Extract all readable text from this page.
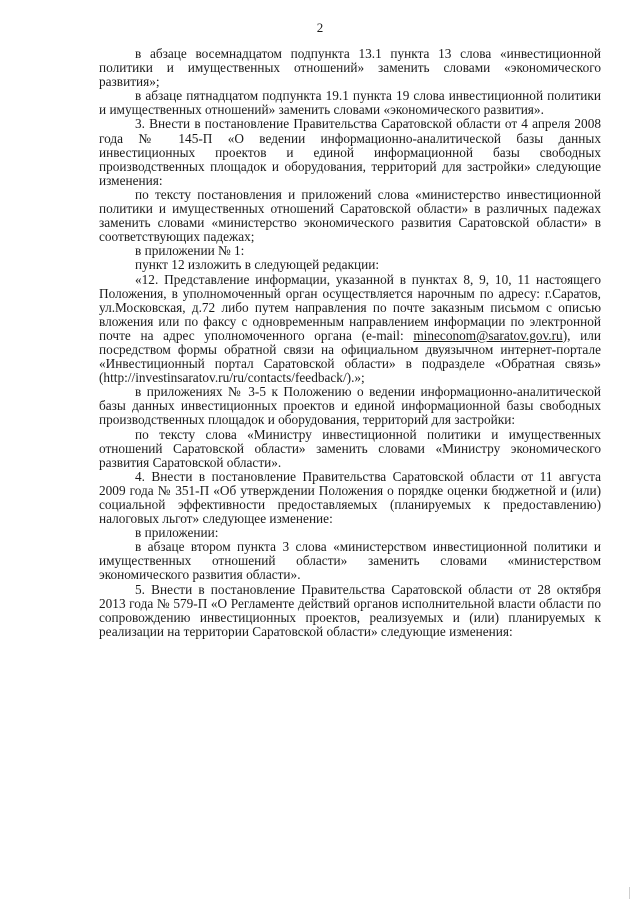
2

в абзаце восемнадцатом подпункта 13.1 пункта 13 слова «инвестиционной политики и имущественных отношений» заменить словами «экономического развития»;

в абзаце пятнадцатом подпункта 19.1 пункта 19 слова инвестиционной политики и имущественных отношений» заменить словами «экономического развития».

3. Внести в постановление Правительства Саратовской области от 4 апреля 2008 года № 145-П «О ведении информационно-аналитической базы данных инвестиционных проектов и единой информационной базы свободных производственных площадок и оборудования, территорий для застройки» следующие изменения:

по тексту постановления и приложений слова «министерство инвестиционной политики и имущественных отношений Саратовской области» в различных падежах заменить словами «министерство экономического развития Саратовской области» в соответствующих падежах;

в приложении № 1:

пункт 12 изложить в следующей редакции:

«12. Представление информации, указанной в пунктах 8, 9, 10, 11 настоящего Положения, в уполномоченный орган осуществляется нарочным по адресу: г.Саратов, ул.Московская, д.72 либо путем направления по почте заказным письмом с описью вложения или по факсу с одновременным направлением информации по электронной почте на адрес уполномоченного органа (e-mail: mineconom@saratov.gov.ru), или посредством формы обратной связи на официальном двуязычном интернет-портале «Инвестиционный портал Саратовской области» в подразделе «Обратная связь» (http://investinsaratov.ru/ru/contacts/feedback/).»;

в приложениях № 3-5 к Положению о ведении информационно-аналитической базы данных инвестиционных проектов и единой информационной базы свободных производственных площадок и оборудования, территорий для застройки:

по тексту слова «Министру инвестиционной политики и имущественных отношений Саратовской области» заменить словами «Министру экономического развития Саратовской области».

4. Внести в постановление Правительства Саратовской области от 11 августа 2009 года № 351-П «Об утверждении Положения о порядке оценки бюджетной и (или) социальной эффективности предоставляемых (планируемых к предоставлению) налоговых льгот» следующее изменение:

в приложении:

в абзаце втором пункта 3 слова «министерством инвестиционной политики и имущественных отношений области» заменить словами «министерством экономического развития области».

5. Внести в постановление Правительства Саратовской области от 28 октября 2013 года № 579-П «О Регламенте действий органов исполнительной власти области по сопровождению инвестиционных проектов, реализуемых и (или) планируемых к реализации на территории Саратовской области» следующие изменения:
